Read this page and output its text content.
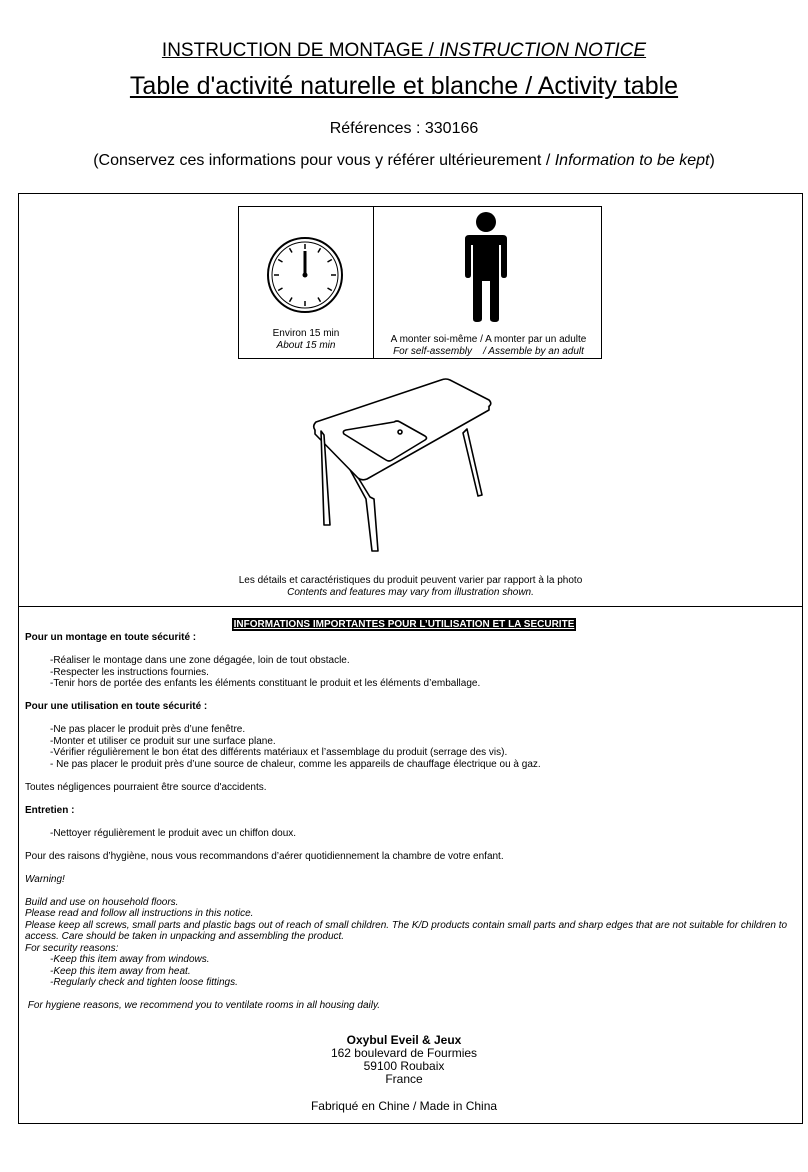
INSTRUCTION DE MONTAGE / INSTRUCTION NOTICE
Table d'activité naturelle et blanche / Activity table
Références : 330166
(Conservez ces informations pour vous y référer ultérieurement / Information to be kept)
Environ 15 min
About 15 min
A monter soi-même / A monter par un adulte
For self-assembly    / Assemble by an adult
Les détails et caractéristiques du produit peuvent varier par rapport à la photo
Contents and features may vary from illustration shown.
INFORMATIONS IMPORTANTES POUR L’UTILISATION ET LA SECURITE

Pour un montage en toute sécurité :

-Réaliser le montage dans une zone dégagée, loin de tout obstacle.

-Respecter les instructions fournies.

-Tenir hors de portée des enfants les éléments constituant le produit et les éléments d’emballage.

Pour une utilisation en toute sécurité :

-Ne pas placer le produit près d’une fenêtre.

-Monter et utiliser ce produit sur une surface plane.

-Vérifier régulièrement le bon état des différents matériaux et l’assemblage du produit (serrage des vis).

- Ne pas placer le produit près d’une source de chaleur, comme les appareils de chauffage électrique ou à gaz.

Toutes négligences pourraient être source d'accidents.

Entretien :

-Nettoyer régulièrement le produit avec un chiffon doux.

Pour des raisons d’hygiène, nous vous recommandons d’aérer quotidiennement la chambre de votre enfant.

Warning!

Build and use on household floors.

Please read and follow all instructions in this notice.

Please keep all screws, small parts and plastic bags out of reach of small children. The K/D products contain small parts and sharp edges that are not suitable for children to access. Care should be taken in unpacking and assembling the product.

For security reasons:

-Keep this item away from windows.

-Keep this item away from heat.

-Regularly check and tighten loose fittings.

For hygiene reasons, we recommend you to ventilate rooms in all housing daily.

Oxybul Eveil & Jeux

162 boulevard de Fourmies

59100 Roubaix

France

Fabriqué en Chine / Made in China
